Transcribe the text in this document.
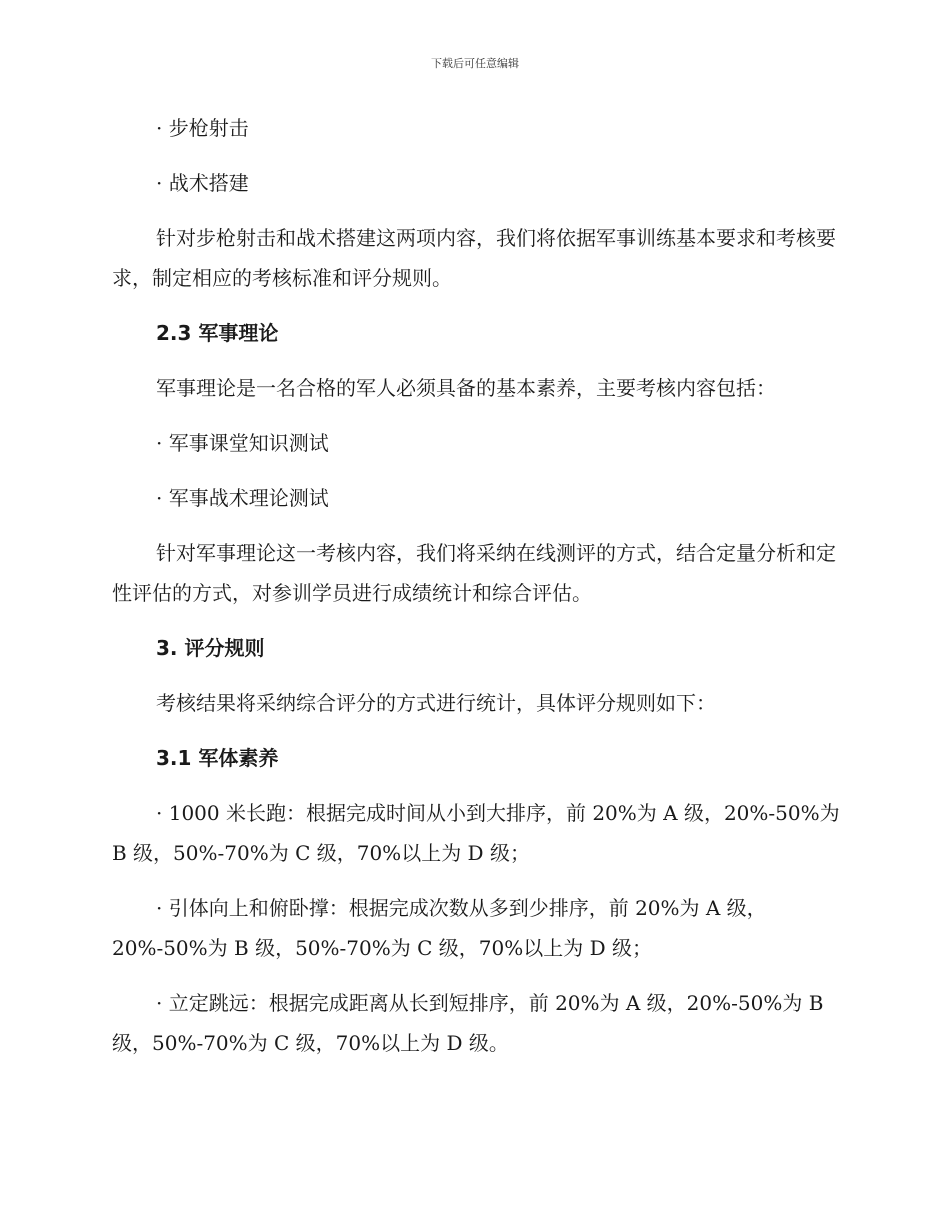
下载后可任意编辑
· 步枪射击
· 战术搭建
针对步枪射击和战术搭建这两项内容，我们将依据军事训练基本要求和考核要求，制定相应的考核标准和评分规则。
2.3 军事理论
军事理论是一名合格的军人必须具备的基本素养，主要考核内容包括：
· 军事课堂知识测试
· 军事战术理论测试
针对军事理论这一考核内容，我们将采纳在线测评的方式，结合定量分析和定性评估的方式，对参训学员进行成绩统计和综合评估。
3. 评分规则
考核结果将采纳综合评分的方式进行统计，具体评分规则如下：
3.1 军体素养
· 1000 米长跑：根据完成时间从小到大排序，前 20%为 A 级，20%-50%为 B 级，50%-70%为 C 级，70%以上为 D 级；
· 引体向上和俯卧撑：根据完成次数从多到少排序，前 20%为 A 级，20%-50%为 B 级，50%-70%为 C 级，70%以上为 D 级；
· 立定跳远：根据完成距离从长到短排序，前 20%为 A 级，20%-50%为 B 级，50%-70%为 C 级，70%以上为 D 级。
